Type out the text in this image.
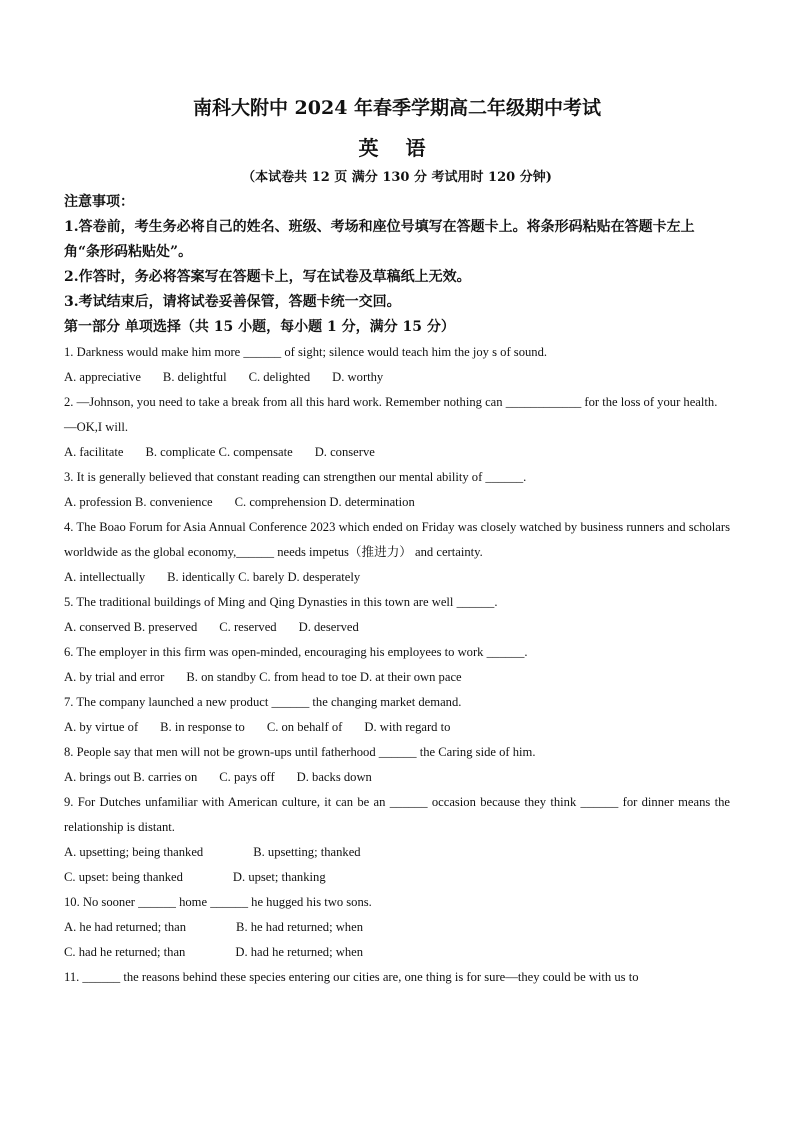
南科大附中 2024 年春季学期高二年级期中考试
英 语
（本试卷共 12 页 满分 130 分 考试用时 120 分钟)
注意事项：
1.答卷前，考生务必将自己的姓名、班级、考场和座位号填写在答题卡上。将条形码粘贴在答题卡左上角“条形码粘贴处”。
2.作答时，务必将答案写在答题卡上，写在试卷及草稿纸上无效。
3.考试结束后，请将试卷妥善保管，答题卡统一交回。
第一部分 单项选择（共 15 小题，每小题 1 分，满分 15 分）
1. Darkness would make him more ______ of sight; silence would teach him the joy s of sound.
A. appreciative B. delightful C. delighted D. worthy
2. —Johnson, you need to take a break from all this hard work. Remember nothing can ____________ for the loss of your health.
—OK,I will.
A. facilitate B. complicate C. compensate D. conserve
3. It is generally believed that constant reading can strengthen our mental ability of ______.
A. profession B. convenience C. comprehension D. determination
4. The Boao Forum for Asia Annual Conference 2023 which ended on Friday was closely watched by business runners and scholars worldwide as the global economy,______ needs impetus（推进力） and certainty.
A. intellectually B. identically C. barely D. desperately
5. The traditional buildings of Ming and Qing Dynasties in this town are well ______.
A. conserved B. preserved C. reserved D. deserved
6. The employer in this firm was open-minded, encouraging his employees to work ______.
A. by trial and error B. on standby C. from head to toe D. at their own pace
7. The company launched a new product ______ the changing market demand.
A. by virtue of B. in response to C. on behalf of D. with regard to
8. People say that men will not be grown-ups until fatherhood ______ the Caring side of him.
A. brings out B. carries on C. pays off D. backs down
9. For Dutches unfamiliar with American culture, it can be an ______ occasion because they think ______ for dinner means the relationship is distant.
A. upsetting; being thanked	B. upsetting; thanked
C. upset: being thanked	D. upset; thanking
10. No sooner ______ home ______ he hugged his two sons.
A. he had returned; than	B. he had returned; when
C. had he returned; than	D. had he returned; when
11. ______ the reasons behind these species entering our cities are, one thing is for sure—they could be with us to
